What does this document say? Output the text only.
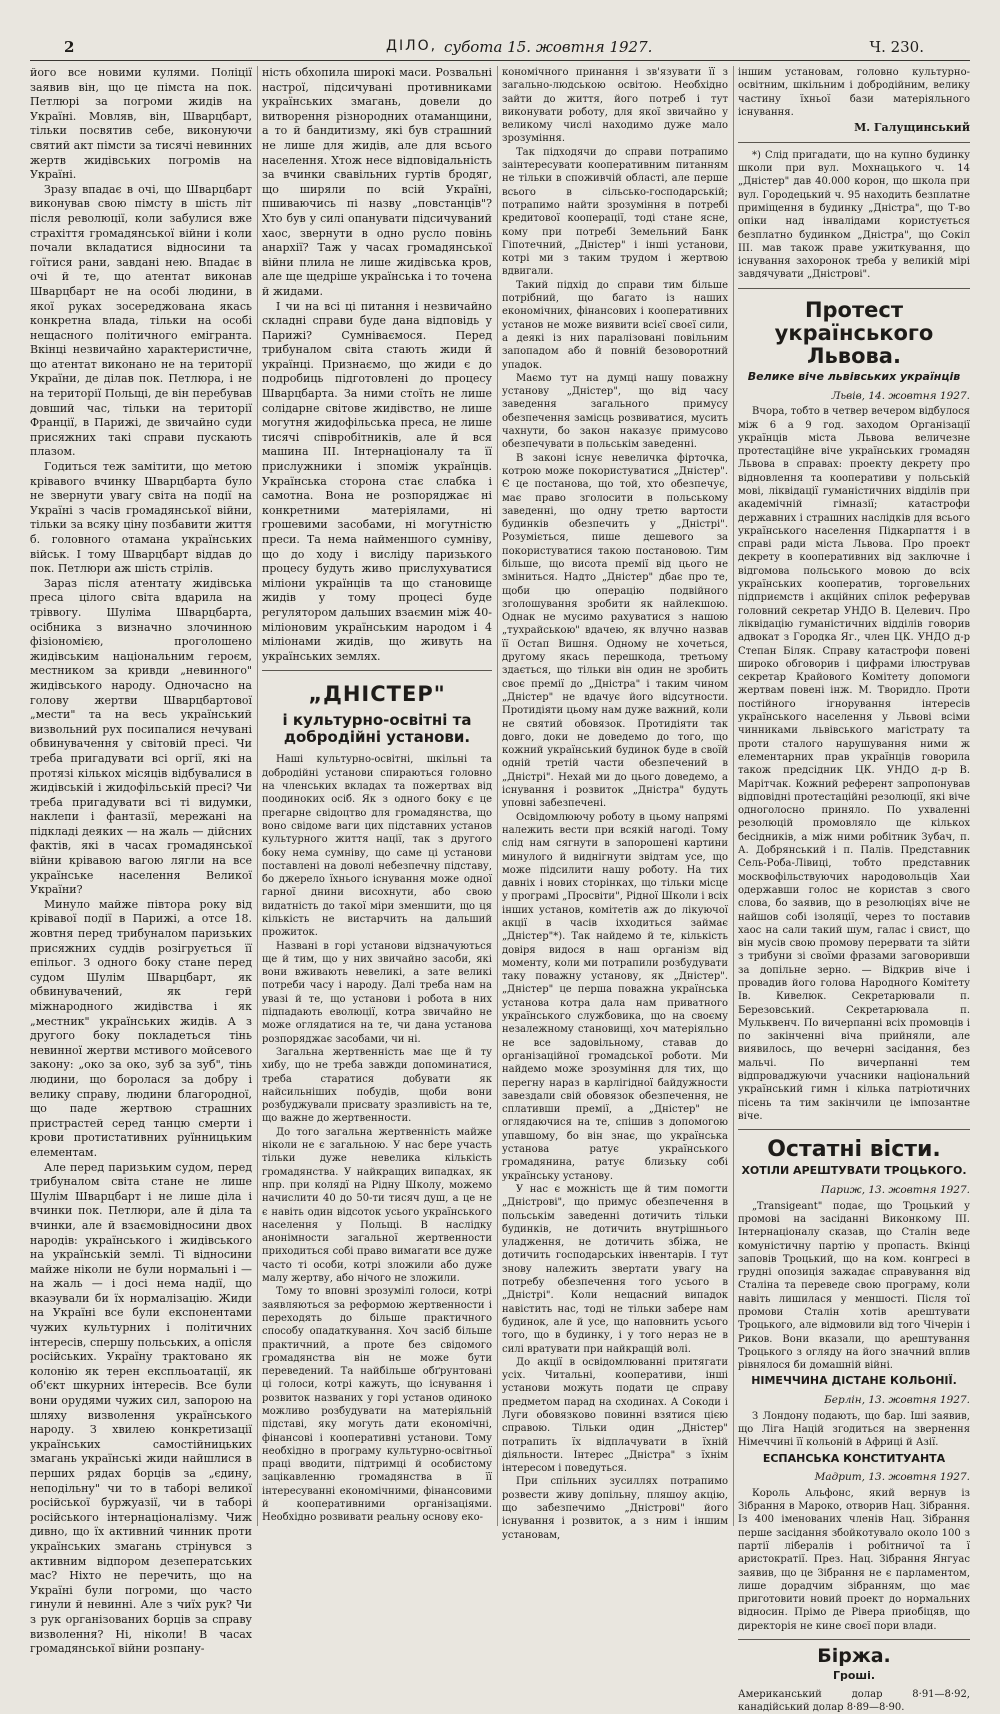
2	ДІЛО, субота 15. жовтня 1927.	Ч. 230.

його все новими кулями. Поліції заявив він, що це пімста на пок. Петлюрі за погроми жидів на Україні. Мовляв, він, Шварцбарт, тільки посвятив себе, виконуючи святий акт пімсти за тисячі невинних жертв жидівських погромів на Україні.

Зразу впадає в очі, що Шварцбарт виконував свою пімсту в шість літ після революції, коли забулися вже страхіття громадянської війни і коли почали вкладатися відносини та гоїтися рани, завдані нею. Впадає в очі й те, що атентат виконав Шварцбарт не на особі людини, в якої руках зосереджована якась конкретна влада, тільки на особі нещасного політичного емігранта. Вкінці незвичайно характеристичне, що атентат виконано не на території України, де ділав пок. Петлюра, і не на території Польщі, де він перебував довший час, тільки на території Франції, в Парижі, де звичайно суди присяжних такі справи пускають плазом.

Годиться теж замітити, що метою крівавого вчинку Шварцбарта було не звернути увагу світа на події на Україні з часів громадянської війни, тільки за всяку ціну позбавити життя б. головного отамана українських військ. І тому Шварцбарт віддав до пок. Петлюри аж шість стрілів.

Зараз після атентату жидівська преса цілого світа вдарила на тріввогу. Шуліма Шварцбарта, осібника з визначно злочинною фізіономією, проголошено жидівським національним героєм, местником за кривди „невинного" жидівського народу. Одночасно на голову жертви Шварцбартової „мести" та на весь український визвольний рух посипалися нечувані обвинувачення у світовій пресі. Чи треба пригадувати всі оргії, які на протязі кількох місяців відбувалися в жидівській і жидофільській пресі? Чи треба пригадувати всі ті видумки, наклепи і фантазії, мережані на підкладі деяких — на жаль — дійсних фактів, які в часах громадянської війни крівавою вагою лягли на все українське населення Великої України?

Минуло майже півтора року від крівавої події в Парижі, а отсе 18. жовтня перед трибуналом паризьких присяжних суддів розігрується її епільог. З одного боку стане перед судом Шулім Шварцбарт, як обвинувачений, як герй міжнародного жидівства і як „местник" українських жидів. А з другого боку покладеться тінь невинної жертви мстивого мойсевого закону: „око за око, зуб за зуб", тінь людини, що боролася за добру і велику справу, людини благородної, що паде жертвою страшних пристрастей серед танцю смерти і крови протистативних руїнницьким елементам.

Але перед паризьким судом, перед трибуналом світа стане не лише Шулім Шварцбарт і не лише діла і вчинки пок. Петлюри, але й діла та вчинки, але й взаємовідносини двох народів: українського і жидівського на українській землі. Ті відносини майже ніколи не були нормальні і — на жаль — і досі нема надії, що вкаэували би їх нормалізацію. Жиди на Україні все були експонентами чужих культурних і політичних інтересів, спершу польських, а опісля російських. Україну трактовано як колонію як терен експльоатації, як об'єкт шкурних інтересів. Все були вони орудями чужих сил, запорою на шляху визволення українського народу. З хвилею конкретизації українських самостійницьких змагань українські жиди найшлися в перших рядах борців за „єдину, неподільну" чи то в таборі великої російської буржуазії, чи в таборі російського інтернаціоналізму. Чиж дивно, що їх активний чинник проти українських змагань стрінувся з активним відпором дезеператських мас? Ніхто не перечить, що на Україні були погроми, що часто гинули й невинні. Але з чиїх рук? Чи з рук організованих борців за справу визволення? Ні, ніколи! В часах громадянської війни розпану-

ність обхопила широкі маси. Розвальні настрої, підсичувані противниками українських змагань, довели до витворення різнородних отаманщини, а то й бандитизму, які був страшний не лише для жидів, але для всього населення. Хтож несе відповідальність за вчинки свавільних гуртів бродяг, що ширяли по всій Україні, пшиваючись пі назву „повстанців"? Хто був у силі опанувати підсичуваний хаос, звернути в одно русло повінь анархії? Таж у часах громадянської війни плила не лише жидівська кров, але ще щедріше українська і то точена й жидами.

І чи на всі ці питання і незвичайно складні справи буде дана відповідь у Парижі? Сумніваємося. Перед трибуналом світа стають жиди й українці. Признаємо, що жиди є до подробиць підготовлені до процесу Шварцбарта. За ними стоїть не лише солідарне світове жидівство, не лише могутня жидофільська преса, не лише тисячі співробітників, але й вся машина ІІІ. Інтернаціоналу та її прислужники і зпоміж українців. Українська сторона стає слабка і самотна. Вона не розпоряджає ні конкретними матеріялами, ні грошевими засобами, ні могутністю преси. Та нема найменшого сумніву, що до ходу і висліду паризького процесу будуть живо прислухуватися міліони українців та що становище жидів у тому процесі буде регулятором дальших взаємин між 40-міліоновим українським народом і 4 міліонами жидів, що живуть на українських землях.

„ДНІСТЕР"
і культурно-освітні та добродійні установи.

Наші культурно-освітні, шкільні та добродійні установи спираються головно на членських вкладах та пожертвах від поодиноких осіб. Як з одного боку є це прегарне свідоцтво для громадянства, що воно свідоме ваги цих підставних установ культурного життя нації, так з другого боку нема сумніву, що саме ці установи поставлені на доволі небезпечну підставу, бо джерело їхнього існування може одної гарної днини висохнути, або свою видатність до такої міри зменшити, що ця кількість не вистарчить на дальший прожиток.

Названі в горі установи відзначуються ще й тим, що у них звичайно засоби, які вони вживають невеликі, а зате великі потреби часу і народу. Далі треба нам на увазі й те, що установи і робота в них підпадають еволюції, котра звичайно не може оглядатися на те, чи дана установа розпоряджає засобами, чи ні.

Загальна жертвенність має ще й ту хибу, що не треба завжди допоминатися, треба старатися добувати як найсильніших побудів, щоби вони розбуджували присвату зразливість на те, що важне до жертвенности.

До того загальна жертвенність майже ніколи не є загальною. У нас бере участь тільки дуже невелика кількість громадянства. У найкращих випадках, як нпр. при колядї на Рідну Школу, можемо начислити 40 до 50-ти тисяч душ, а це не є навіть один відсоток усього українського населення у Польщі. В наслідку анонімности загальної жертвенности приходиться собі право вимагати все дуже часто ті особи, котрі зложили або дуже малу жертву, або нічого не зложили.

Тому то вповні зрозумілі голоси, котрі заявляються за реформою жертвенности і переходять до більше практичного способу опадаткування. Хоч засіб більше практичний, а проте без свідомого громадянства він не може бути переведений. Та найбільше обґрунтовані ці голоси, котрі кажуть, що існування і розвиток названих у горі установ одиноко можливо розбудувати на матеріяльній підставі, яку могуть дати економічні, фінансові і кооперативні установи. Тому необхідно в програму культурно-освітньої праці вводити, підтримці й особистому зацікавленню громадянства в її інтересуванні економічними, фінансовими й кооперативними організаціями. Необхідно розвивати реальну основу еко-

кономічного принання і зв'язувати її з загально-людською освітою. Необхідно зайти до життя, його потреб і тут виконувати роботу, для якої звичайно у великому числі находимо дуже мало зрозуміння.

Так підходячи до справи потрапимо заінтересувати кооперативним питанням не тільки в споживчій області, але перше всього в сільсько-господарській; потрапимо найти зрозуміння в потребі кредитової кооперації, тоді стане ясне, кому при потребі Земельний Банк Гіпотечний, „Дністер" і інші установи, котрі ми з таким трудом і жертвою вдвигали.

Такий підхід до справи тим більше потрібний, що багато із наших економічних, фінансових і кооперативних установ не може виявити всієї своєї сили, а деякі із них паралізовані повільним запопадом або й повній безоворотний упадок.

Маємо тут на думці нашу поважну установу „Дністер", що від часу заведення загального примусу обезпечення замісць розвиватися, мусить чахнути, бо закон наказує примусово обезпечувати в польськім заведенні.

В законі існує невеличка фірточка, котрою може покористуватися „Дністер". Є це постанова, що той, хто обезпечує, має право зголосити в польському заведенні, що одну третю вартости будинків обезпечить у „Дністрі". Розуміється, пише дешевого за покористуватися такою постановою. Тим більше, що висота премії від цього не зміниться. Надто „Дністер" дбає про те, щоби цю операцію подвійного зголошування зробити як найлекшою. Однак не мусимо рахуватися з нашою „тухрайською" вдачею, як влучно назвав її Остап Вишня. Одному не хочеться, другому якась перешкода, третьому здається, що тільки він один не зробить своє премії до „Дністра" і таким чином „Дністер" не вдачує його відсутности. Протидіяти цьому нам дуже важний, коли не святий обовязок. Протидіяти так довго, доки не доведемо до того, що кожний український будинок буде в своїй одній третій части обезпечений в „Дністрі". Нехай ми до цього доведемо, а існування і розвиток „Дністра" будуть уповні забезпечені.

Освідомлюючу роботу в цьому напрямі належить вести при всякій нагоді. Тому слід нам сягнути в запорошені картини минулого й виднігнути звідтам усе, що може підсилити нашу роботу. На тих давніх і нових сторінках, що тільки місце у програмі „Просвіти", Рідної Школи і всіх інших установ, комітетів аж до лікуючої акції в часів іхходиться займає „Дністер"*). Так найдемо й те, кількість довіря видося в наш організм від моменту, коли ми потрапили розбудувати таку поважну установу, як „Дністер". „Дністер" це перша поважна українська установа котра дала нам приватного українського службовика, що на своєму незалежному становищі, хоч матеріяльно не все задовільному, ставав до організаційної громадської роботи. Ми найдемо може зрозуміння для тих, що перегну нараз в карлігідної байдужности завездали свій обовязок обезпечення, не сплативши премії, а „Дністер" не оглядаючися на те, спішив з допомогою упавшому, бо він знає, що українська установа ратує українського громадянина, ратує близьку собі українську установу.

У нас є можність ще й тим помогти „Дністрові", що примус обезпечення в польськім заведенні дотичить тільки будинків, не дотичить внутрішнього уладження, не дотичить збіжа, не дотичить господарських інвентарів. І тут знову належить звертати увагу на потребу обезпечення того усього в „Дністрі". Коли нещасний випадок навістить нас, тоді не тільки забере нам будинок, але й усе, що наповнить усього того, що в будинку, і у того нераз не в силі вратувати при найкращій волі.

До акції в освідомлюванні притягати усіх. Читальні, кооперативи, інші установи можуть подати це справу предметом парад на сходинах. А Сокоди і Луги обовязково повинні взятися цією справою. Тільки один „Дністер" потрапить їх відплачувати в їхній діяльности. Інтерес „Дністра" з їхнім інтересом і поведуться.

При спільних зусиллях потрапимо розвести живу допільну, пляшоу акцію, що забезпечимо „Дністрові" його існування і розвиток, а з ним і іншим установам,

іншим установам, головно культурно-освітним, шкільним і добродійним, велику частину їхньої бази матеріяльного існування.

М. Галущинський

*) Слід пригадати, що на купно будинку школи при вул. Мохнацького ч. 14 „Дністер" дав 40.000 корон, що школа при вул. Городецький ч. 95 находить безплатне приміщення в будинку „Дністра", що Т-во опіки над інвалідами користується безплатно будинком „Дністра", що Сокіл III. мав також праве ужиткування, що існування захоронок треба у великій мірі завдячувати „Дністрові".

Протест українського Львова.
Велике віче львівських українців
Львів, 14. жовтня 1927.

Вчора, тобто в четвер вечером відбулося між 6 а 9 год. заходом Організації українців міста Львова величезне протестаційне віче українських громадян Львова в справах: проекту декрету про відновлення та кооперативи у польській мові, ліквідації гуманістичних відділів при академічній гімназії; катастрофи державних і страшних наслідків для всього українського населення Підкарпаття і в справі ради міста Львова. Про проект декрету в кооперативних від заключне і відгомова польського мовою до всіх українських кооператив, торговельних підприємств і акційних спілок реферував головний секретар УНДО В. Целевич. Про ліквідацію гуманістичних відділів говорив адвокат з Городка Яг., член ЦК. УНДО д-р Степан Біляк. Справу катастрофи повені широко обговорив і цифрами ілюстрував секретар Крайового Комітету допомоги жертвам повені інж. М. Творидло. Проти постійного ігнорування інтересів українського населення у Львові всіми чинниками львівського магістрату та проти сталого нарушування ними ж елементарних прав українців говорила також предсідник ЦК. УНДО д-р В. Марітчак. Кожний референт запропонував відповідні протестаційні резолюції, які віче одноголосно приняло. По ухваленні резолюцій промовляло ще кількох бесідників, а між ними робітник Зубач, п. А. Добрянський і п. Палів. Представник Сель-Роба-Лівиці, тобто представник москвофільствуючих народовольців Хаи одержавши голос не користав з свого слова, бо заявив, що в резолюціях віче не найшов собі ізоляції, через то поставив хаос на сали такий шум, галас і свист, що він мусів свою промову перервати та зійти з трибуни зі своїми фразами заговоривши за допільне зерно. — Відкрив віче і провадив його голова Народного Комітету Ів. Кивелюк. Секретарювали п. Березовський. Секретарювала п. Мульквенч. По вичерпанні всіх промовців і по закінченні віча прийняли, але виявилось, що вечерні засідання, без мальчі. По вичерпанні тем відпроваджуючи учасники національний український гимн і кілька патріотичних пісень та тим закінчили це імпозантне віче.

Остатні вісти.
ХОТІЛИ АРЕШТУВАТИ ТРОЦЬКОГО.
Париж, 13. жовтня 1927.

„Transigeant" подає, що Троцький у промові на засіданні Виконкому III. Інтернаціоналу сказав, що Сталін веде комуністичну партію у пропасть. Вкінці заповів Троцький, що на ком. конгресі в грудні опозиція зажадає справування від Сталіна та переведе свою програму, коли навіть лишилася у меншості. Після тої промови Сталін хотів арештувати Троцького, але відмовили від того Чічерін і Риков. Вони вказали, що арештування Троцького з огляду на його значний вплив рівнялося би домашній війні.

НІМЕЧЧИНА ДІСТАНЕ КОЛЬОНІЇ.
Берлін, 13. жовтня 1927.

З Лондону подають, що бар. Іші заявив, що Ліга Націй згодиться на звернення Німеччині її кольоній в Африці й Азії.

ЕСПАНСЬКА КОНСТИТУАНТА
Мадрит, 13. жовтня 1927.

Король Альфонс, який вернув із Зібрання в Мароко, отворив Нац. Зібрання. Із 400 іменованих членів Нац. Зібрання перше засідання збойкотувало около 100 з партії лібералів і робітничої та ї аристократії. През. Нац. Зібрання Янгуас заявив, що це Зібрання не є парламентом, лише дорадчим зібранням, що має приготовити новий проект до нормальних відносин. Прімо де Рівера приобіцяв, що директорія не кине своєї пори влади.

Біржа.
Гроші.

Американський долар 8·91—8·92, канадійський долар 8·89—8·90.
